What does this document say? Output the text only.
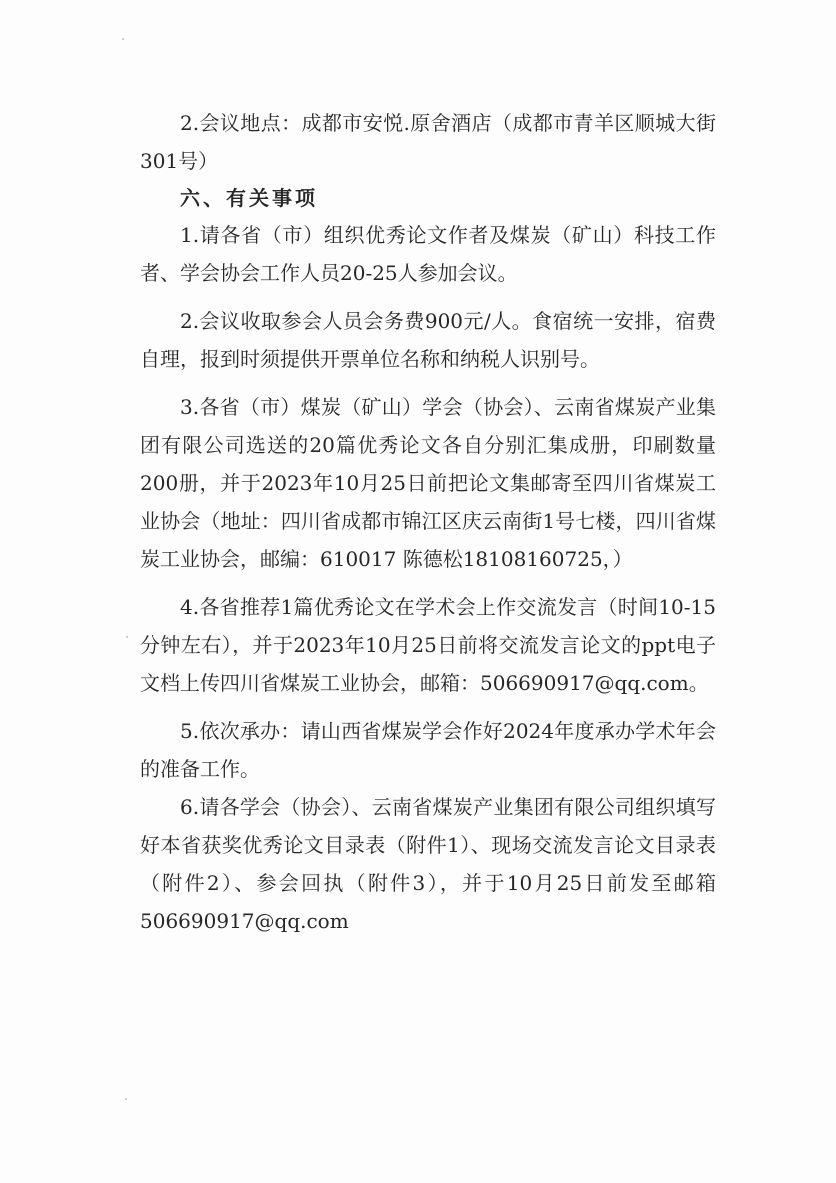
2.会议地点：成都市安悦.原舍酒店（成都市青羊区顺城大街301号）

六、有关事项

1.请各省（市）组织优秀论文作者及煤炭（矿山）科技工作者、学会协会工作人员20-25人参加会议。

2.会议收取参会人员会务费900元/人。食宿统一安排，宿费自理，报到时须提供开票单位名称和纳税人识别号。

3.各省（市）煤炭（矿山）学会（协会）、云南省煤炭产业集团有限公司选送的20篇优秀论文各自分别汇集成册，印刷数量200册，并于2023年10月25日前把论文集邮寄至四川省煤炭工业协会（地址：四川省成都市锦江区庆云南街1号七楼，四川省煤炭工业协会，邮编：610017 陈德松18108160725，）

4.各省推荐1篇优秀论文在学术会上作交流发言（时间10-15分钟左右），并于2023年10月25日前将交流发言论文的ppt电子文档上传四川省煤炭工业协会，邮箱：506690917@qq.com。

5.依次承办：请山西省煤炭学会作好2024年度承办学术年会的准备工作。

6.请各学会（协会）、云南省煤炭产业集团有限公司组织填写好本省获奖优秀论文目录表（附件1）、现场交流发言论文目录表（附件2）、参会回执（附件3），并于10月25日前发至邮箱506690917@qq.com
